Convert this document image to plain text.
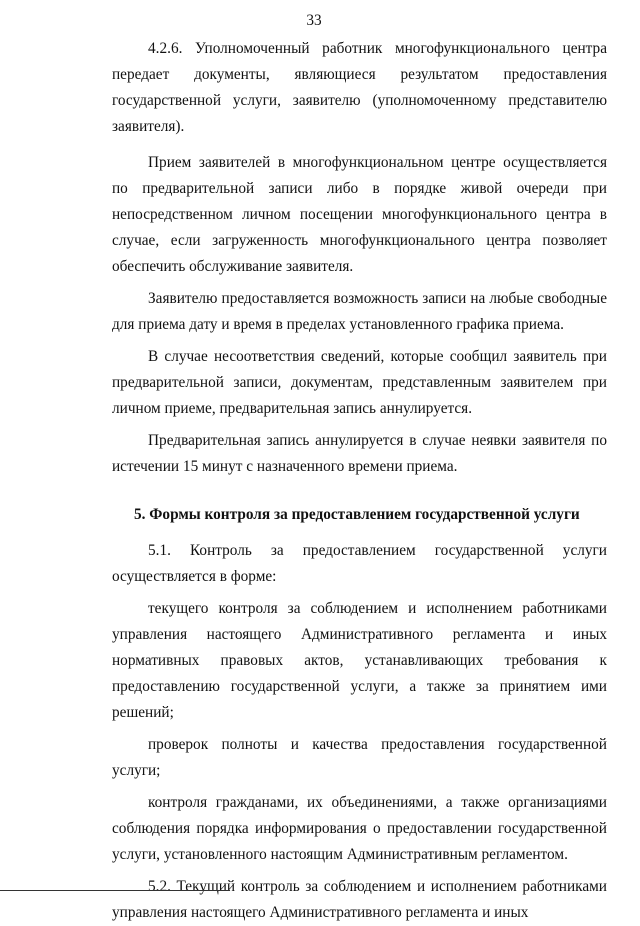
33

4.2.6. Уполномоченный работник многофункционального центра передает документы, являющиеся результатом предоставления государственной услуги, заявителю (уполномоченному представителю заявителя).

Прием заявителей в многофункциональном центре осуществляется по предварительной записи либо в порядке живой очереди при непосредственном личном посещении многофункционального центра в случае, если загруженность многофункционального центра позволяет обеспечить обслуживание заявителя.

Заявителю предоставляется возможность записи на любые свободные для приема дату и время в пределах установленного графика приема.

В случае несоответствия сведений, которые сообщил заявитель при предварительной записи, документам, представленным заявителем при личном приеме, предварительная запись аннулируется.

Предварительная запись аннулируется в случае неявки заявителя по истечении 15 минут с назначенного времени приема.

5. Формы контроля за предоставлением государственной услуги

5.1. Контроль за предоставлением государственной услуги осуществляется в форме:

текущего контроля за соблюдением и исполнением работниками управления настоящего Административного регламента и иных нормативных правовых актов, устанавливающих требования к предоставлению государственной услуги, а также за принятием ими решений;

проверок полноты и качества предоставления государственной услуги;

контроля гражданами, их объединениями, а также организациями соблюдения порядка информирования о предоставлении государственной услуги, установленного настоящим Административным регламентом.

5.2. Текущий контроль за соблюдением и исполнением работниками управления настоящего Административного регламента и иных
